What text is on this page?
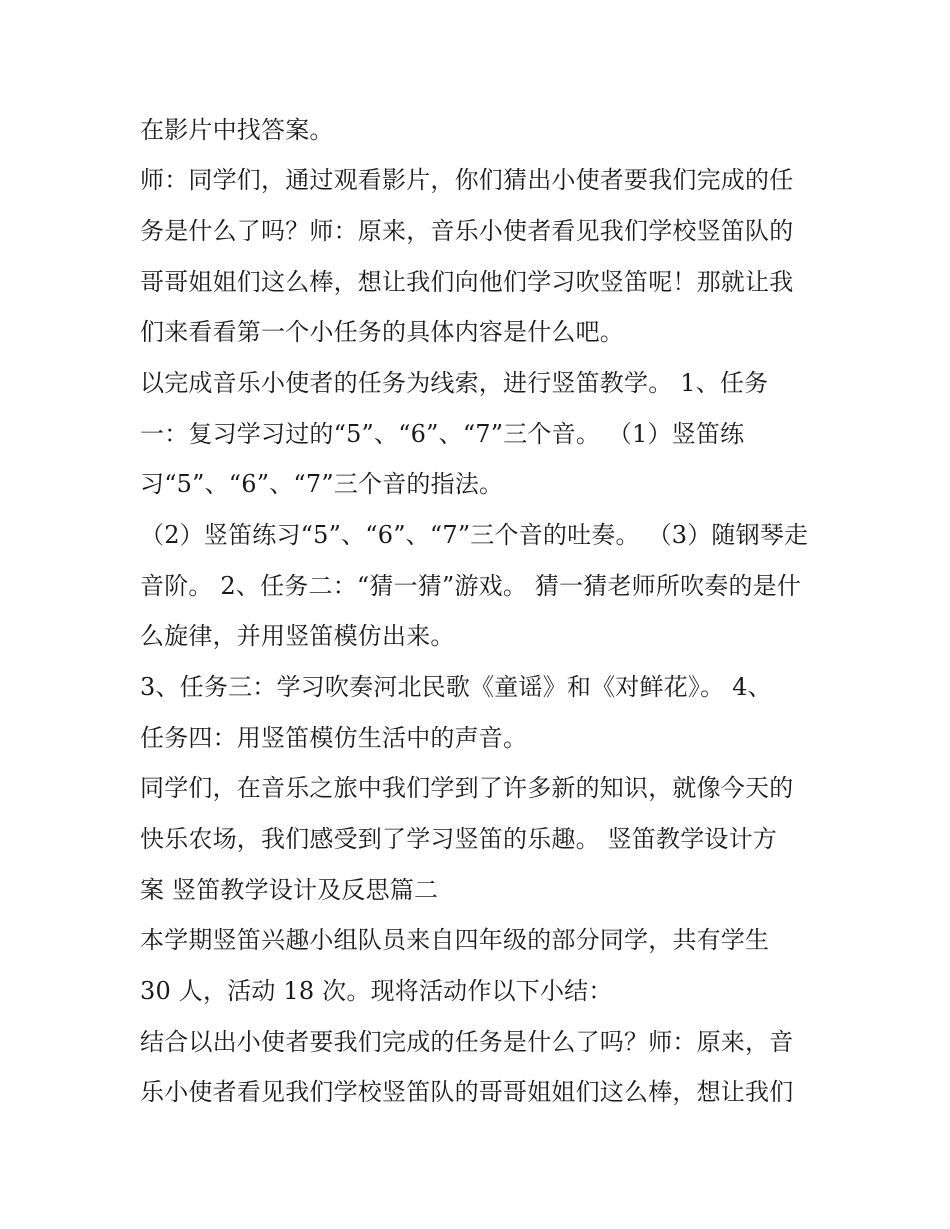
在影片中找答案。
师：同学们，通过观看影片，你们猜出小使者要我们完成的任
务是什么了吗？师：原来，音乐小使者看见我们学校竖笛队的
哥哥姐姐们这么棒，想让我们向他们学习吹竖笛呢！那就让我
们来看看第一个小任务的具体内容是什么吧。
以完成音乐小使者的任务为线索，进行竖笛教学。 1、任务
一：复习学习过的“5”、“6”、“7”三个音。 （1）竖笛练
习“5”、“6”、“7”三个音的指法。
（2）竖笛练习“5”、“6”、“7”三个音的吐奏。 （3）随钢琴走
音阶。 2、任务二：“猜一猜”游戏。 猜一猜老师所吹奏的是什
么旋律，并用竖笛模仿出来。
3、任务三：学习吹奏河北民歌《童谣》和《对鲜花》。 4、
任务四：用竖笛模仿生活中的声音。
同学们，在音乐之旅中我们学到了许多新的知识，就像今天的
快乐农场，我们感受到了学习竖笛的乐趣。 竖笛教学设计方
案 竖笛教学设计及反思篇二
本学期竖笛兴趣小组队员来自四年级的部分同学，共有学生
30 人，活动 18 次。现将活动作以下小结：
结合以出小使者要我们完成的任务是什么了吗？师：原来，音
乐小使者看见我们学校竖笛队的哥哥姐姐们这么棒，想让我们
